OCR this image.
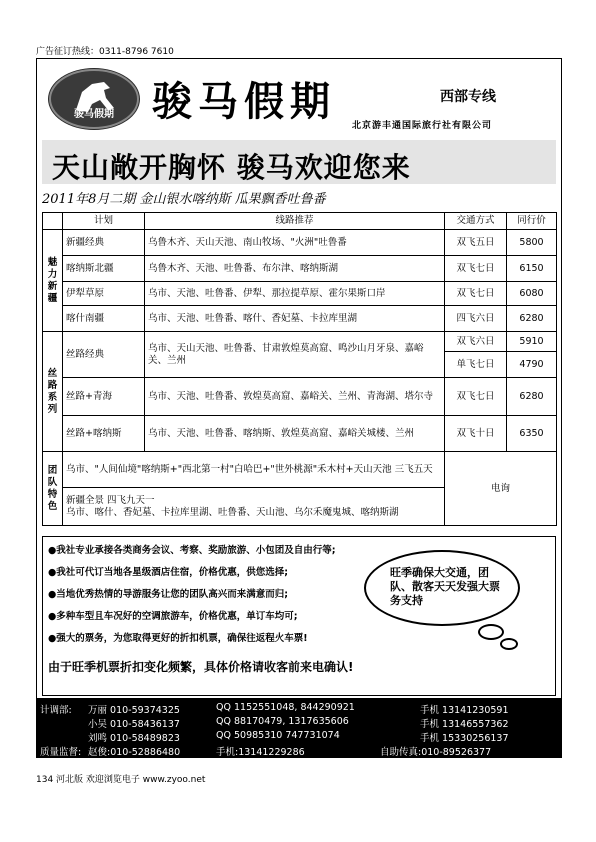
广告征订热线：0311-8796 7610
骏马假期 骏马假期	西部专线
北京游丰通国际旅行社有限公司
天山敞开胸怀 骏马欢迎您来
2011年8月二期 金山银水喀纳斯 瓜果飘香吐鲁番
	计划	线路推荐	交通方式	同行价
魅力新疆	新疆经典	乌鲁木齐、天山天池、南山牧场、"火洲"吐鲁番	双飞五日	5800
	喀纳斯北疆	乌鲁木齐、天池、吐鲁番、布尔津、喀纳斯湖	双飞七日	6150
	伊犁草原	乌市、天池、吐鲁番、伊犁、那拉提草原、霍尔果斯口岸	双飞七日	6080
	喀什南疆	乌市、天池、吐鲁番、喀什、香妃墓、卡拉库里湖	四飞六日	6280
丝路系列	丝路经典	乌市、天山天池、吐鲁番、甘肃敦煌莫高窟、鸣沙山月牙泉、嘉峪关、兰州	双飞六日	5910
			单飞七日	4790
	丝路+青海	乌市、天池、吐鲁番、敦煌莫高窟、嘉峪关、兰州、青海湖、塔尔寺	双飞七日	6280
	丝路+喀纳斯	乌市、天池、吐鲁番、喀纳斯、敦煌莫高窟、嘉峪关城楼、兰州	双飞十日	6350
团队特色	乌市、"人间仙境"喀纳斯+"西北第一村"白哈巴+"世外桃源"禾木村+天山天池 三飞五天		电询	

	新疆全景 四飞九天一
乌市、喀什、香妃墓、卡拉库里湖、吐鲁番、天山池、乌尔禾魔鬼城、喀纳斯湖			
●我社专业承接各类商务会议、考察、奖励旅游、小包团及自由行等;
●我社可代订当地各星级酒店住宿，价格优惠，供您选择;
●当地优秀热情的导游服务让您的团队高兴而来满意而归;
●多种车型且车况好的空调旅游车，价格优惠，单订车均可;
●强大的票务，为您取得更好的折扣机票，确保往返程火车票!
旺季确保大交通，团队、散客天天发强大票务支持
由于旺季机票折扣变化频繁，具体价格请收客前来电确认!
计调部: 万丽 010-59374325	QQ 1152551048, 844290921	手机 13141230591
小吴 010-58436137	QQ 88170479, 1317635606	手机 13146557362
刘鸣 010-58489823	QQ 50985310 747731074	手机 15330256137
质量监督: 赵俊:010-52886480	手机:13141229286	自助传真:010-89526377
134 河北版 欢迎浏览电子 www.zyoo.net
